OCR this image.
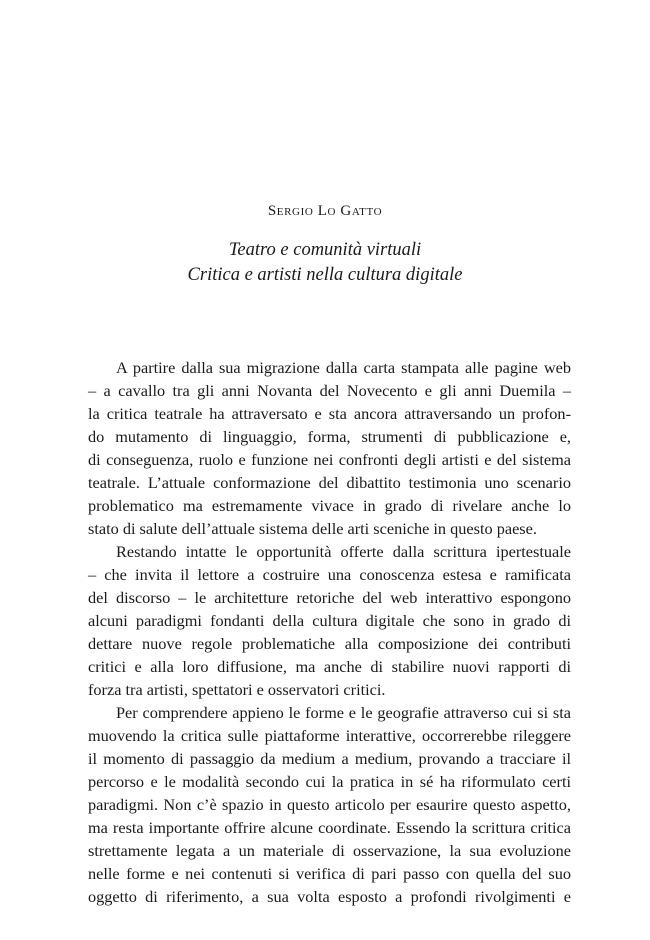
Sergio Lo Gatto
Teatro e comunità virtuali
Critica e artisti nella cultura digitale
A partire dalla sua migrazione dalla carta stampata alle pagine web
– a cavallo tra gli anni Novanta del Novecento e gli anni Duemila –
la critica teatrale ha attraversato e sta ancora attraversando un profon-
do mutamento di linguaggio, forma, strumenti di pubblicazione e,
di conseguenza, ruolo e funzione nei confronti degli artisti e del sistema
teatrale. L’attuale conformazione del dibattito testimonia uno scenario
problematico ma estremamente vivace in grado di rivelare anche lo
stato di salute dell’attuale sistema delle arti sceniche in questo paese.
Restando intatte le opportunità offerte dalla scrittura ipertestuale
– che invita il lettore a costruire una conoscenza estesa e ramificata
del discorso – le architetture retoriche del web interattivo espongono
alcuni paradigmi fondanti della cultura digitale che sono in grado di
dettare nuove regole problematiche alla composizione dei contributi
critici e alla loro diffusione, ma anche di stabilire nuovi rapporti di
forza tra artisti, spettatori e osservatori critici.
Per comprendere appieno le forme e le geografie attraverso cui si sta
muovendo la critica sulle piattaforme interattive, occorrerebbe rileggere
il momento di passaggio da medium a medium, provando a tracciare il
percorso e le modalità secondo cui la pratica in sé ha riformulato certi
paradigmi. Non c’è spazio in questo articolo per esaurire questo aspetto,
ma resta importante offrire alcune coordinate. Essendo la scrittura critica
strettamente legata a un materiale di osservazione, la sua evoluzione
nelle forme e nei contenuti si verifica di pari passo con quella del suo
oggetto di riferimento, a sua volta esposto a profondi rivolgimenti e
